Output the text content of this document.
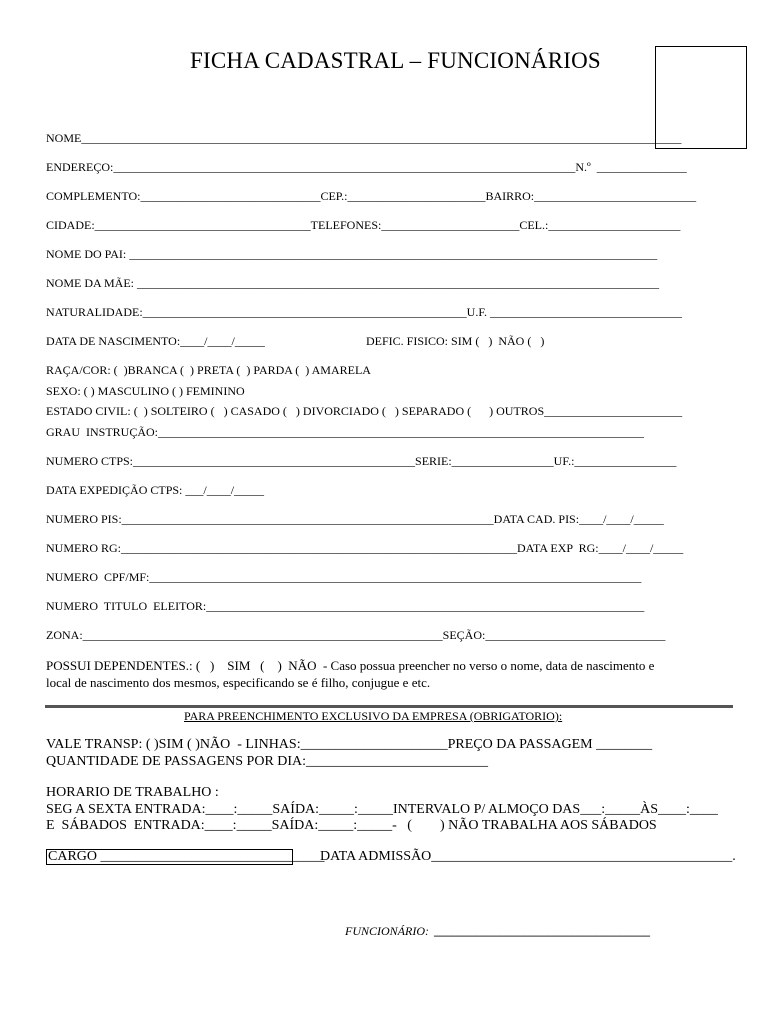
FICHA CADASTRAL – FUNCIONÁRIOS
NOME____________________________________________________________________________________________________
ENDEREÇO:_____________________________________________________________________________N.º  _______________
COMPLEMENTO:______________________________CEP.:_______________________BAIRRO:___________________________
CIDADE:____________________________________TELEFONES:_______________________CEL.:______________________
NOME DO PAI: ________________________________________________________________________________________
NOME DA MÃE: _______________________________________________________________________________________
NATURALIDADE:______________________________________________________U.F. ________________________________
DATA DE NASCIMENTO:____/____/_____	DEFIC. FISICO: SIM (   )  NÃO (   )
RAÇA/COR: (  )BRANCA (  ) PRETA (  ) PARDA (  ) AMARELA
SEXO: ( ) MASCULINO ( ) FEMININO
ESTADO CIVIL: (  ) SOLTEIRO (   ) CASADO (   ) DIVORCIADO (   ) SEPARADO (      ) OUTROS_______________________
GRAU  INSTRUÇÃO:_________________________________________________________________________________
NUMERO CTPS:_______________________________________________SERIE:_________________UF.:_________________
DATA EXPEDIÇÃO CTPS: ___/____/_____
NUMERO PIS:______________________________________________________________DATA CAD. PIS:____/____/_____
NUMERO RG:__________________________________________________________________DATA EXP  RG:____/____/_____
NUMERO  CPF/MF:__________________________________________________________________________________
NUMERO  TITULO  ELEITOR:_________________________________________________________________________
ZONA:____________________________________________________________SEÇÃO:______________________________
POSSUI DEPENDENTES.: (   )    SIM   (    )  NÃO  - Caso possua preencher no verso o nome, data de nascimento e
local de nascimento dos mesmos, especificando se é filho, conjugue e etc.
PARA PREENCHIMENTO EXCLUSIVO DA EMPRESA (OBRIGATORIO):
VALE TRANSP: ( )SIM ( )NÃO  - LINHAS:_____________________PREÇO DA PASSAGEM ________
QUANTIDADE DE PASSAGENS POR DIA:__________________________
HORARIO DE TRABALHO :
SEG A SEXTA ENTRADA:____:_____SAÍDA:_____:_____INTERVALO P/ ALMOÇO DAS___:_____ÀS____:____
E  SÁBADOS  ENTRADA:____:_____SAÍDA:_____:_____-   (        ) NÃO TRABALHA AOS SÁBADOS
CARGO ________________________________
DATA ADMISSÃO___________________________________________.
FUNCIONÁRIO: ____________________________________
